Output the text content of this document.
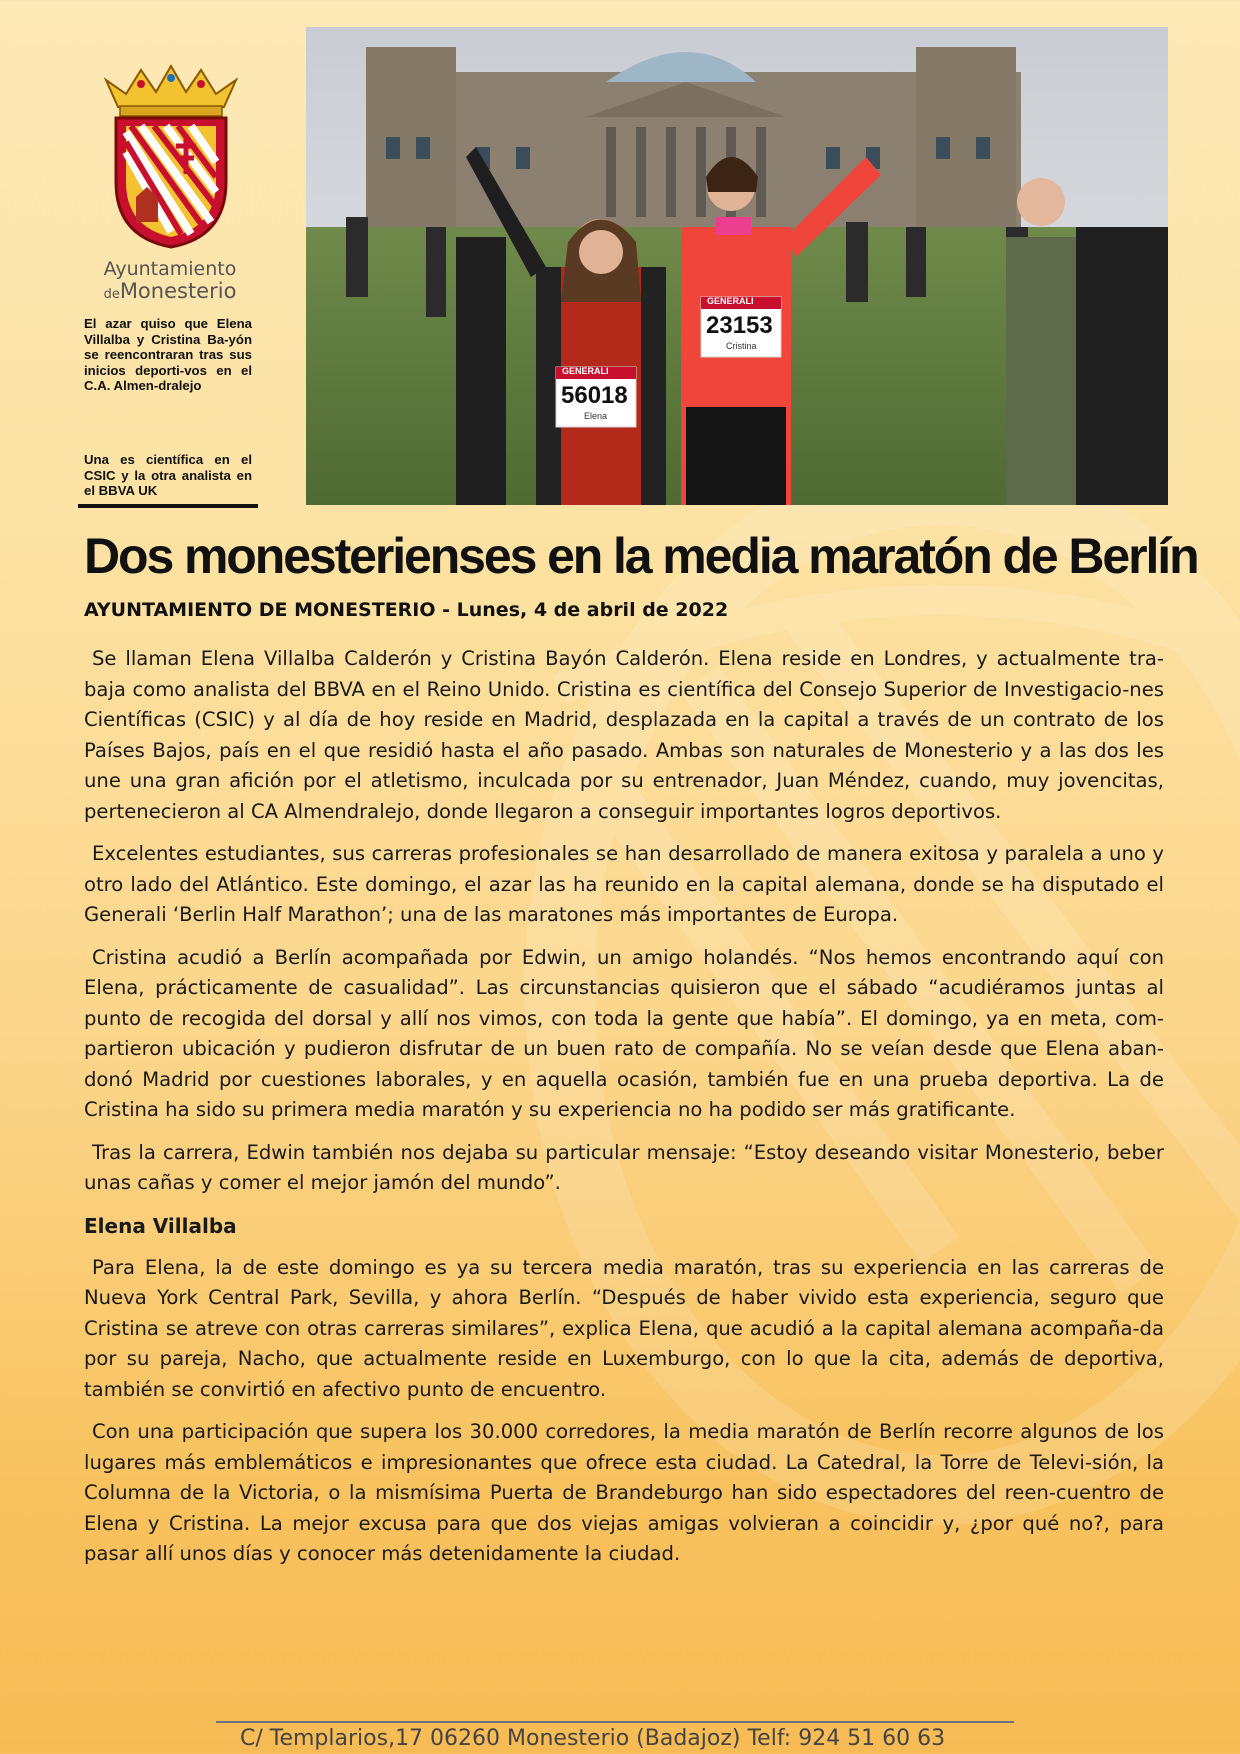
Ayuntamiento
deMonesterio
El azar quiso que Elena Villalba y Cristina Ba-yón se reencontraran tras sus inicios deporti-vos en el C.A. Almen-dralejo
Una es científica en el CSIC y la otra analista en el BBVA UK
GENERALI
56018
Elena
GENERALI
23153
Cristina
Dos monesterienses en la media maratón de Berlín

AYUNTAMIENTO DE MONESTERIO - Lunes, 4 de abril de 2022

Se llaman Elena Villalba Calderón y Cristina Bayón Calderón. Elena reside en Londres, y actualmente tra-baja como analista del BBVA en el Reino Unido. Cristina es científica del Consejo Superior de Investigacio-nes Científicas (CSIC) y al día de hoy reside en Madrid, desplazada en la capital a través de un contrato de los Países Bajos, país en el que residió hasta el año pasado. Ambas son naturales de Monesterio y a las dos les une una gran afición por el atletismo, inculcada por su entrenador, Juan Méndez, cuando, muy jovencitas, pertenecieron al CA Almendralejo, donde llegaron a conseguir importantes logros deportivos.

Excelentes estudiantes, sus carreras profesionales se han desarrollado de manera exitosa y paralela a uno y otro lado del Atlántico. Este domingo, el azar las ha reunido en la capital alemana, donde se ha disputado el Generali ‘Berlin Half Marathon’; una de las maratones más importantes de Europa.

Cristina acudió a Berlín acompañada por Edwin, un amigo holandés. “Nos hemos encontrando aquí con Elena, prácticamente de casualidad”. Las circunstancias quisieron que el sábado “acudiéramos juntas al punto de recogida del dorsal y allí nos vimos, con toda la gente que había”. El domingo, ya en meta, com-partieron ubicación y pudieron disfrutar de un buen rato de compañía. No se veían desde que Elena aban-donó Madrid por cuestiones laborales, y en aquella ocasión, también fue en una prueba deportiva. La de Cristina ha sido su primera media maratón y su experiencia no ha podido ser más gratificante.

Tras la carrera, Edwin también nos dejaba su particular mensaje: “Estoy deseando visitar Monesterio, beber unas cañas y comer el mejor jamón del mundo”.

Elena Villalba

Para Elena, la de este domingo es ya su tercera media maratón, tras su experiencia en las carreras de Nueva York Central Park, Sevilla, y ahora Berlín. “Después de haber vivido esta experiencia, seguro que Cristina se atreve con otras carreras similares”, explica Elena, que acudió a la capital alemana acompaña-da por su pareja, Nacho, que actualmente reside en Luxemburgo, con lo que la cita, además de deportiva, también se convirtió en afectivo punto de encuentro.

Con una participación que supera los 30.000 corredores, la media maratón de Berlín recorre algunos de los lugares más emblemáticos e impresionantes que ofrece esta ciudad. La Catedral, la Torre de Televi-sión, la Columna de la Victoria, o la mismísima Puerta de Brandeburgo han sido espectadores del reen-cuentro de Elena y Cristina. La mejor excusa para que dos viejas amigas volvieran a coincidir y, ¿por qué no?, para pasar allí unos días y conocer más detenidamente la ciudad.

C/ Templarios,17 06260 Monesterio (Badajoz) Telf: 924 51 60 63
